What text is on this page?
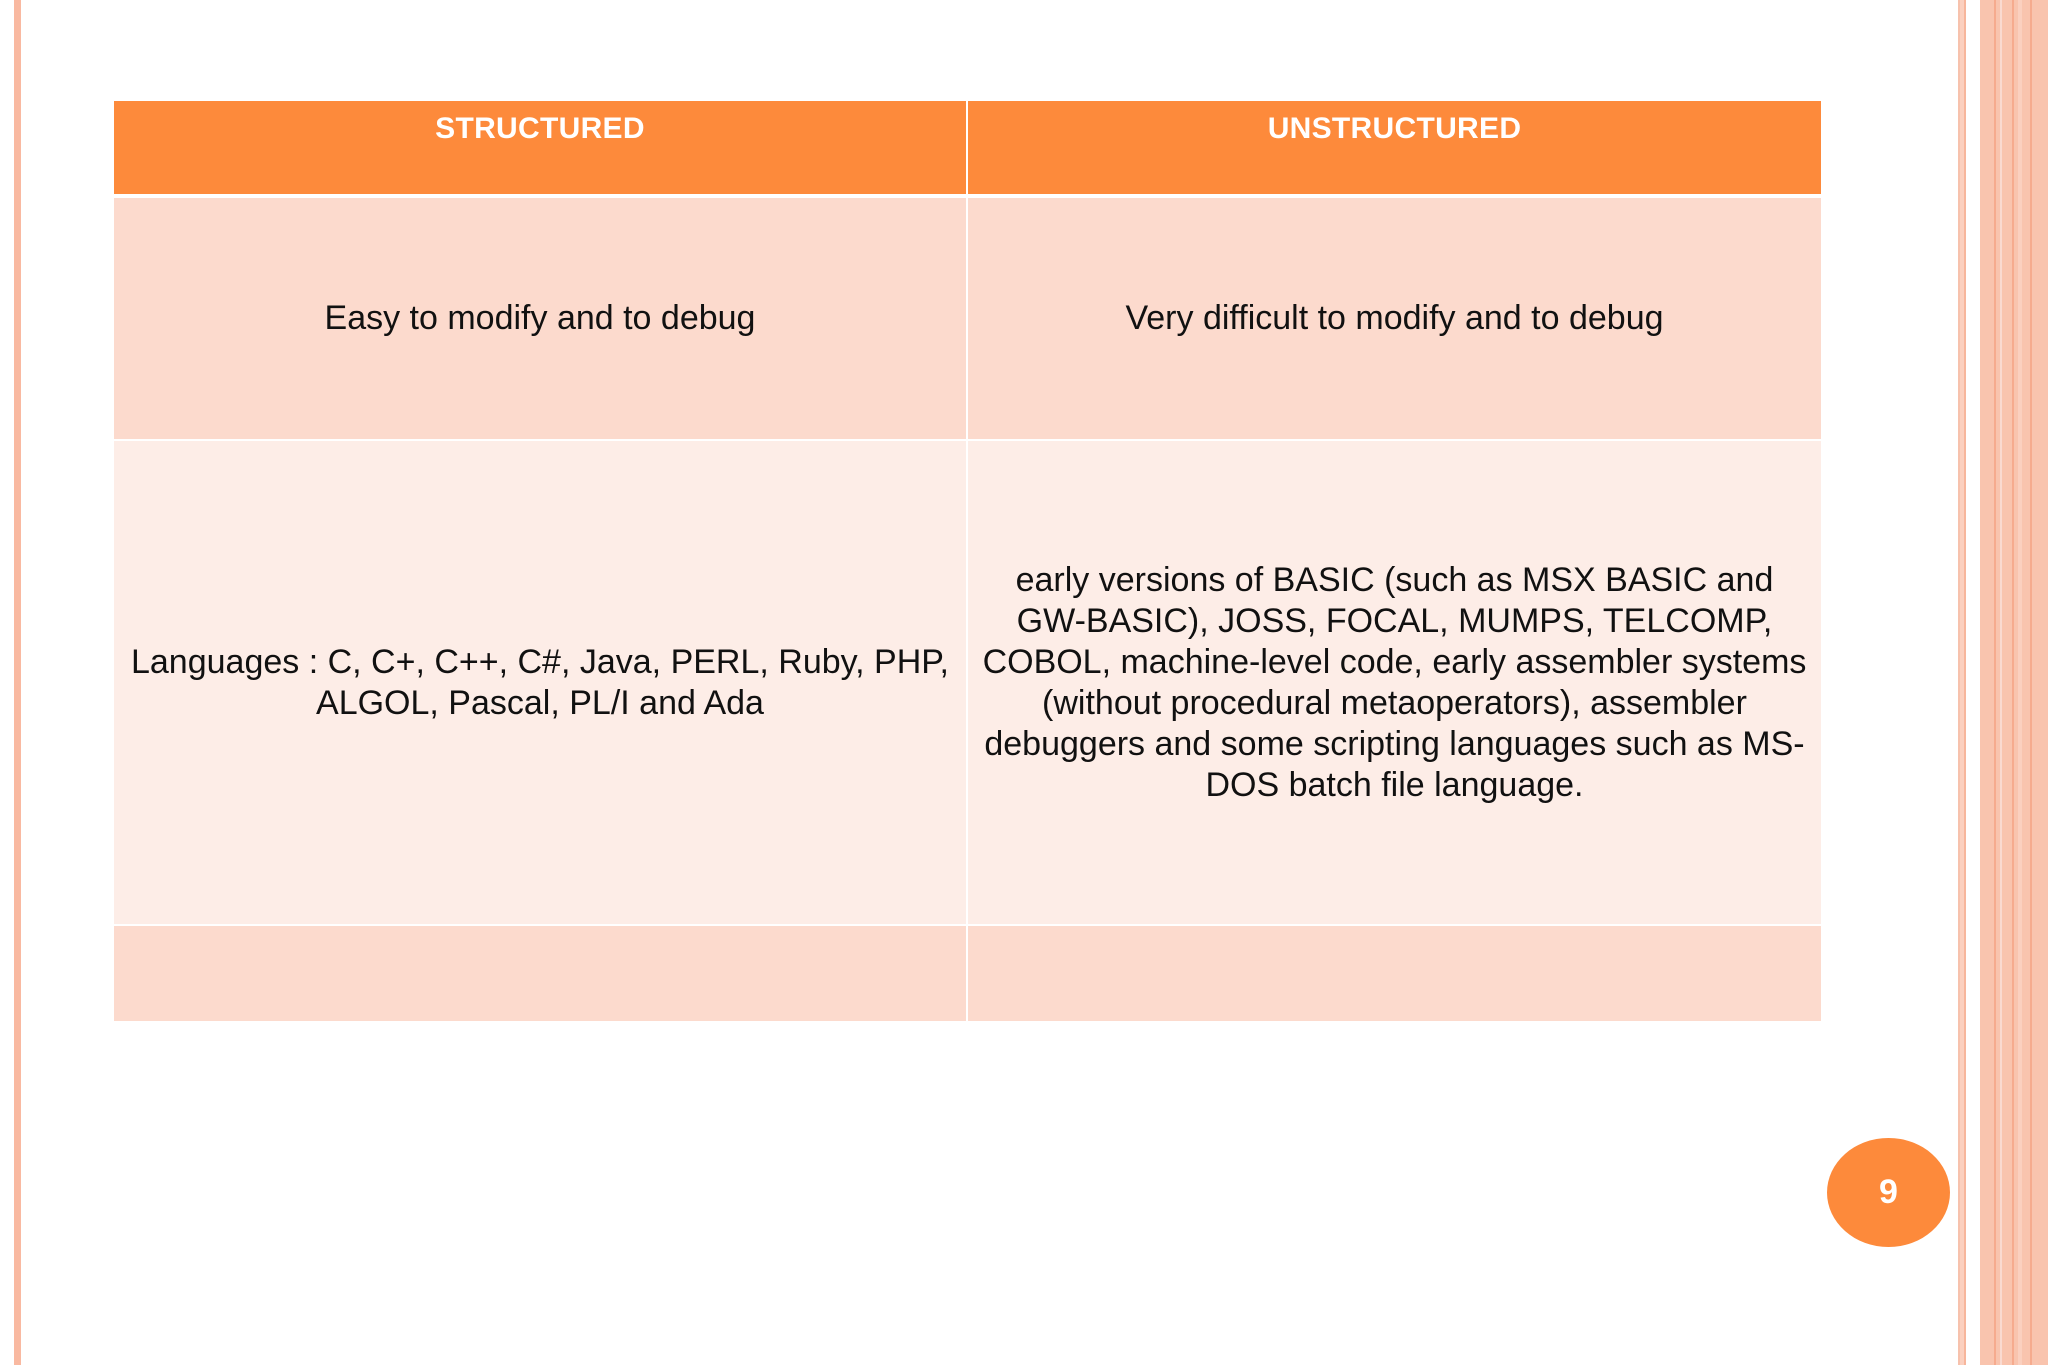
STRUCTURED	UNSTRUCTURED
Easy to modify and to debug	Very difficult to modify and to debug
Languages : C, C+, C++, C#, Java, PERL, Ruby, PHP, ALGOL, Pascal, PL/I and Ada	early versions of BASIC (such as MSX BASIC and GW-BASIC), JOSS, FOCAL, MUMPS, TELCOMP, COBOL, machine-level code, early assembler systems (without procedural metaoperators), assembler debuggers and some scripting languages such as MS-DOS batch file language.

9
